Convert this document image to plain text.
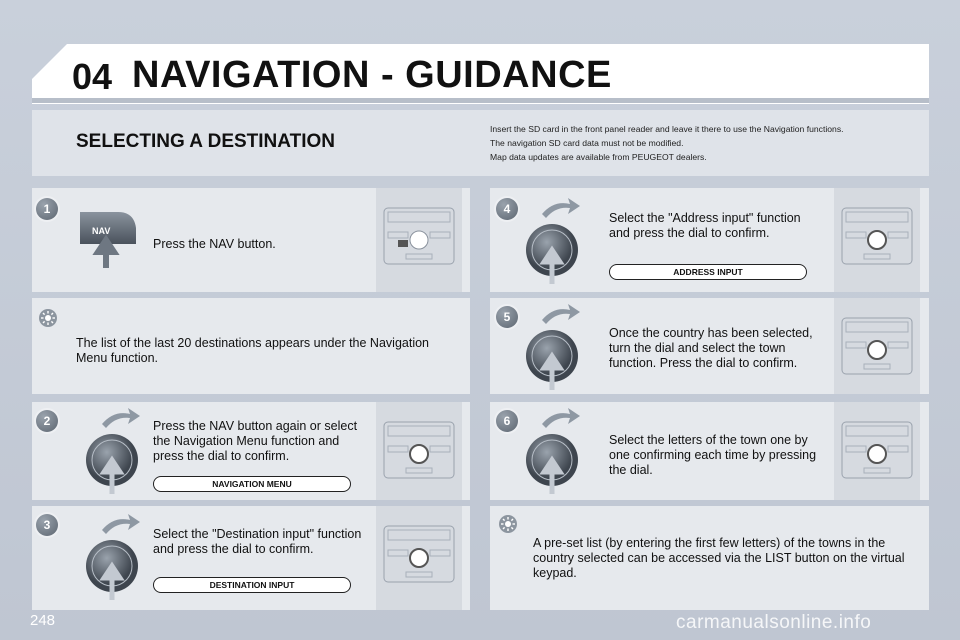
04 NAVIGATION - GUIDANCE
SELECTING A DESTINATION
Insert the SD card in the front panel reader and leave it there to use the Navigation functions.
The navigation SD card data must not be modified.
Map data updates are available from PEUGEOT dealers.
1
NAV
Press the NAV button.
The list of the last 20 destinations appears under the Navigation Menu function.
2	Press the NAV button again or select the Navigation Menu function and press the dial to confirm.
NAVIGATION MENU
3
Select the "Destination input" function and press the dial to confirm.
DESTINATION INPUT
4
Select the "Address input" function and press the dial to confirm.
ADDRESS INPUT
5
Once the country has been selected, turn the dial and select the town function. Press the dial to confirm.
6
Select the letters of the town one by one confirming each time by pressing the dial.
A pre-set list (by entering the first few letters) of the towns in the country selected can be accessed via the LIST button on the virtual keypad.
248	carmanualsonline.info
